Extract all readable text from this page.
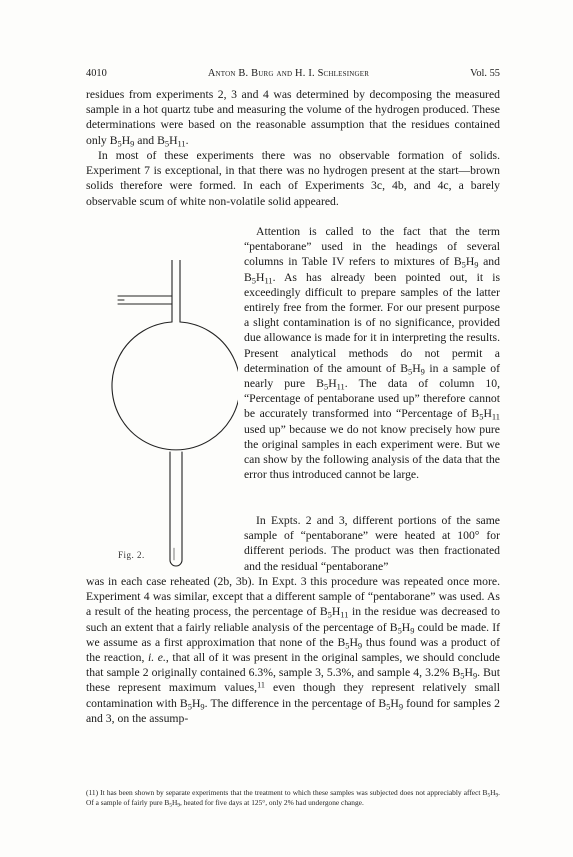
4010	Anton B. Burg and H. I. Schlesinger	Vol. 55

residues from experiments 2, 3 and 4 was determined by decomposing the measured sample in a hot quartz tube and measuring the volume of the hydrogen produced. These determinations were based on the reasonable assumption that the residues contained only $B_5H_9$ and $B_5H_{11}$.

In most of these experiments there was no observable formation of solids. Experiment 7 is exceptional, in that there was no hydrogen present at the start—brown solids therefore were formed. In each of Experiments 3c, 4b, and 4c, a barely observable scum of white non-volatile solid appeared.

Attention is called to the fact that the term “pentaborane” used in the headings of several columns in Table IV refers to mixtures of $B_5H_9$ and $B_5H_{11}$. As has already been pointed out, it is exceedingly difficult to prepare samples of the latter entirely free from the former. For our present purpose a slight contamination is of no significance, provided due allowance is made for it in interpreting the results. Present analytical methods do not permit a determination of the amount of $B_5H_9$ in a sample of nearly pure $B_5H_{11}$. The data of column 10, “Percentage of pentaborane used up” therefore cannot be accurately transformed into “Percentage of $B_5H_{11}$ used up” because we do not know precisely how pure the original samples in each experiment were. But we can show by the following analysis of the data that the error thus introduced cannot be large.

In Expts. 2 and 3, different portions of the same sample of “pentaborane” were heated at 100° for different periods. The product was then fractionated and the residual “pentaborane”

was in each case reheated (2b, 3b). In Expt. 3 this procedure was repeated once more. Experiment 4 was similar, except that a different sample of “pentaborane” was used. As a result of the heating process, the percentage of $B_5H_{11}$ in the residue was decreased to such an extent that a fairly reliable analysis of the percentage of $B_5H_9$ could be made. If we assume as a first approximation that none of the $B_5H_9$ thus found was a product of the reaction, i. e., that all of it was present in the original samples, we should conclude that sample 2 originally contained 6.3%, sample 3, 5.3%, and sample 4, 3.2% $B_5H_9$. But these represent maximum values,$^{11}$ even though they represent relatively small contamination with $B_5H_9$. The difference in the percentage of $B_5H_9$ found for samples 2 and 3, on the assump-

Fig. 2.

(11) It has been shown by separate experiments that the treatment to which these samples was subjected does not appreciably affect $B_5H_9$. Of a sample of fairly pure $B_5H_9$, heated for five days at 125°, only 2% had undergone change.
